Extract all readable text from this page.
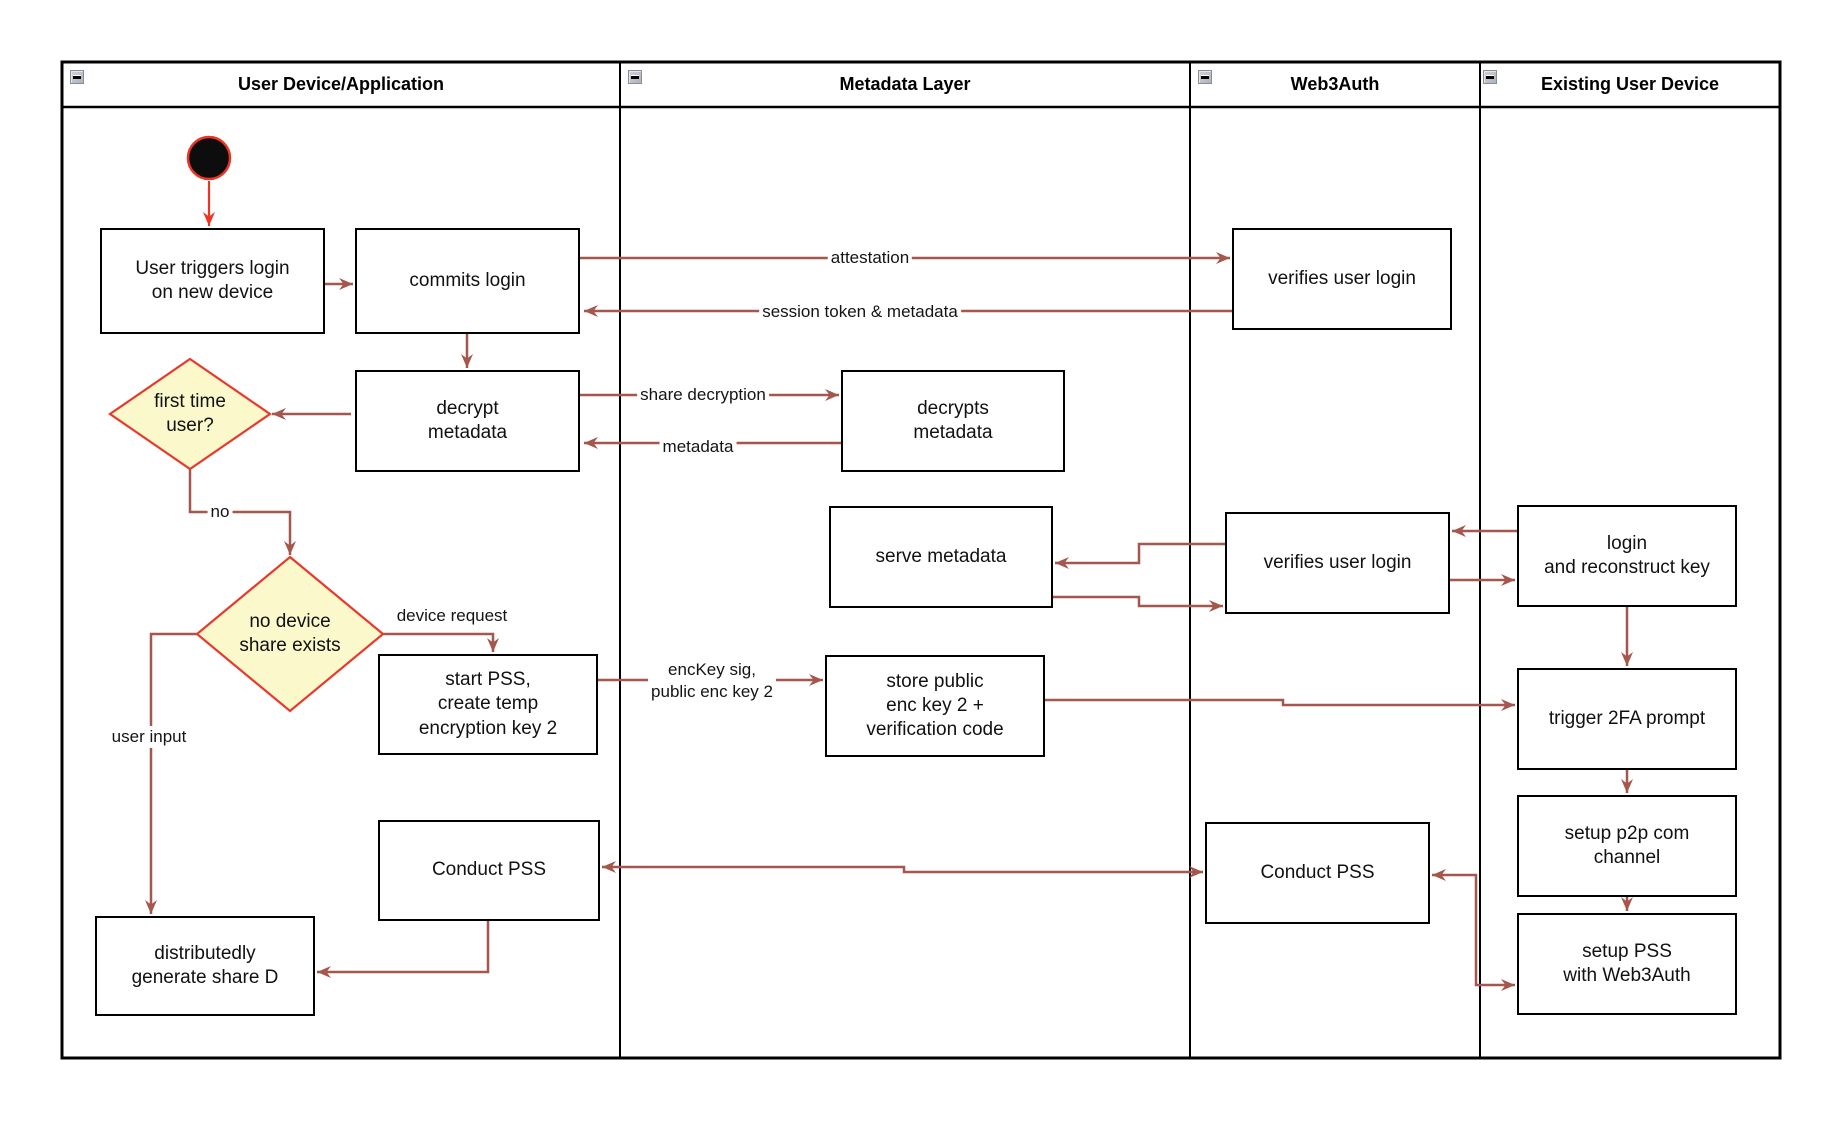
User Device/Application	Metadata Layer	Web3Auth	Existing User Device
first time
user?
no device
share exists
User triggers login
on new device
commits login
decrypt
metadata
start PSS,
create temp
encryption key 2
Conduct PSS
distributedly
generate share D
decrypts
metadata
serve metadata
store public
enc key 2 +
verification code
verifies user login
verifies user login
Conduct PSS
login
and reconstruct key
trigger 2FA prompt
setup p2p com
channel
setup PSS
with Web3Auth
attestation
session token & metadata
share decryption
metadata
no
device request
user input
encKey sig,
public enc key 2
